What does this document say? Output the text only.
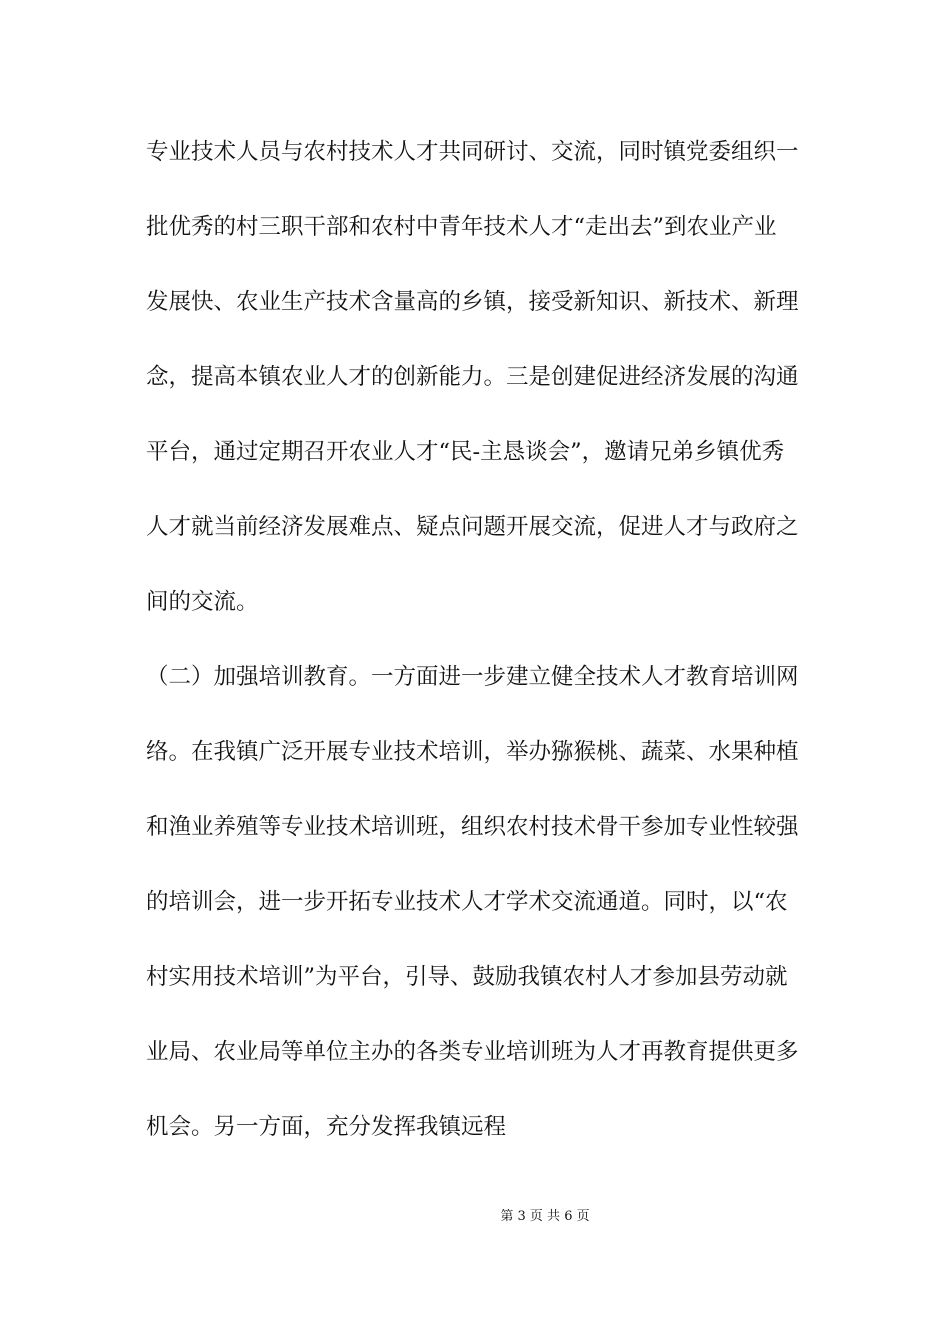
专业技术人员与农村技术人才共同研讨、交流，同时镇党委组织一
批优秀的村三职干部和农村中青年技术人才“走出去”到农业产业
发展快、农业生产技术含量高的乡镇，接受新知识、新技术、新理
念，提高本镇农业人才的创新能力。三是创建促进经济发展的沟通
平台，通过定期召开农业人才“民-主恳谈会”，邀请兄弟乡镇优秀
人才就当前经济发展难点、疑点问题开展交流，促进人才与政府之
间的交流。
（二）加强培训教育。一方面进一步建立健全技术人才教育培训网
络。在我镇广泛开展专业技术培训，举办猕猴桃、蔬菜、水果种植
和渔业养殖等专业技术培训班，组织农村技术骨干参加专业性较强
的培训会，进一步开拓专业技术人才学术交流通道。同时，以“农
村实用技术培训”为平台，引导、鼓励我镇农村人才参加县劳动就
业局、农业局等单位主办的各类专业培训班为人才再教育提供更多
机会。另一方面，充分发挥我镇远程
第 3 页 共 6 页
